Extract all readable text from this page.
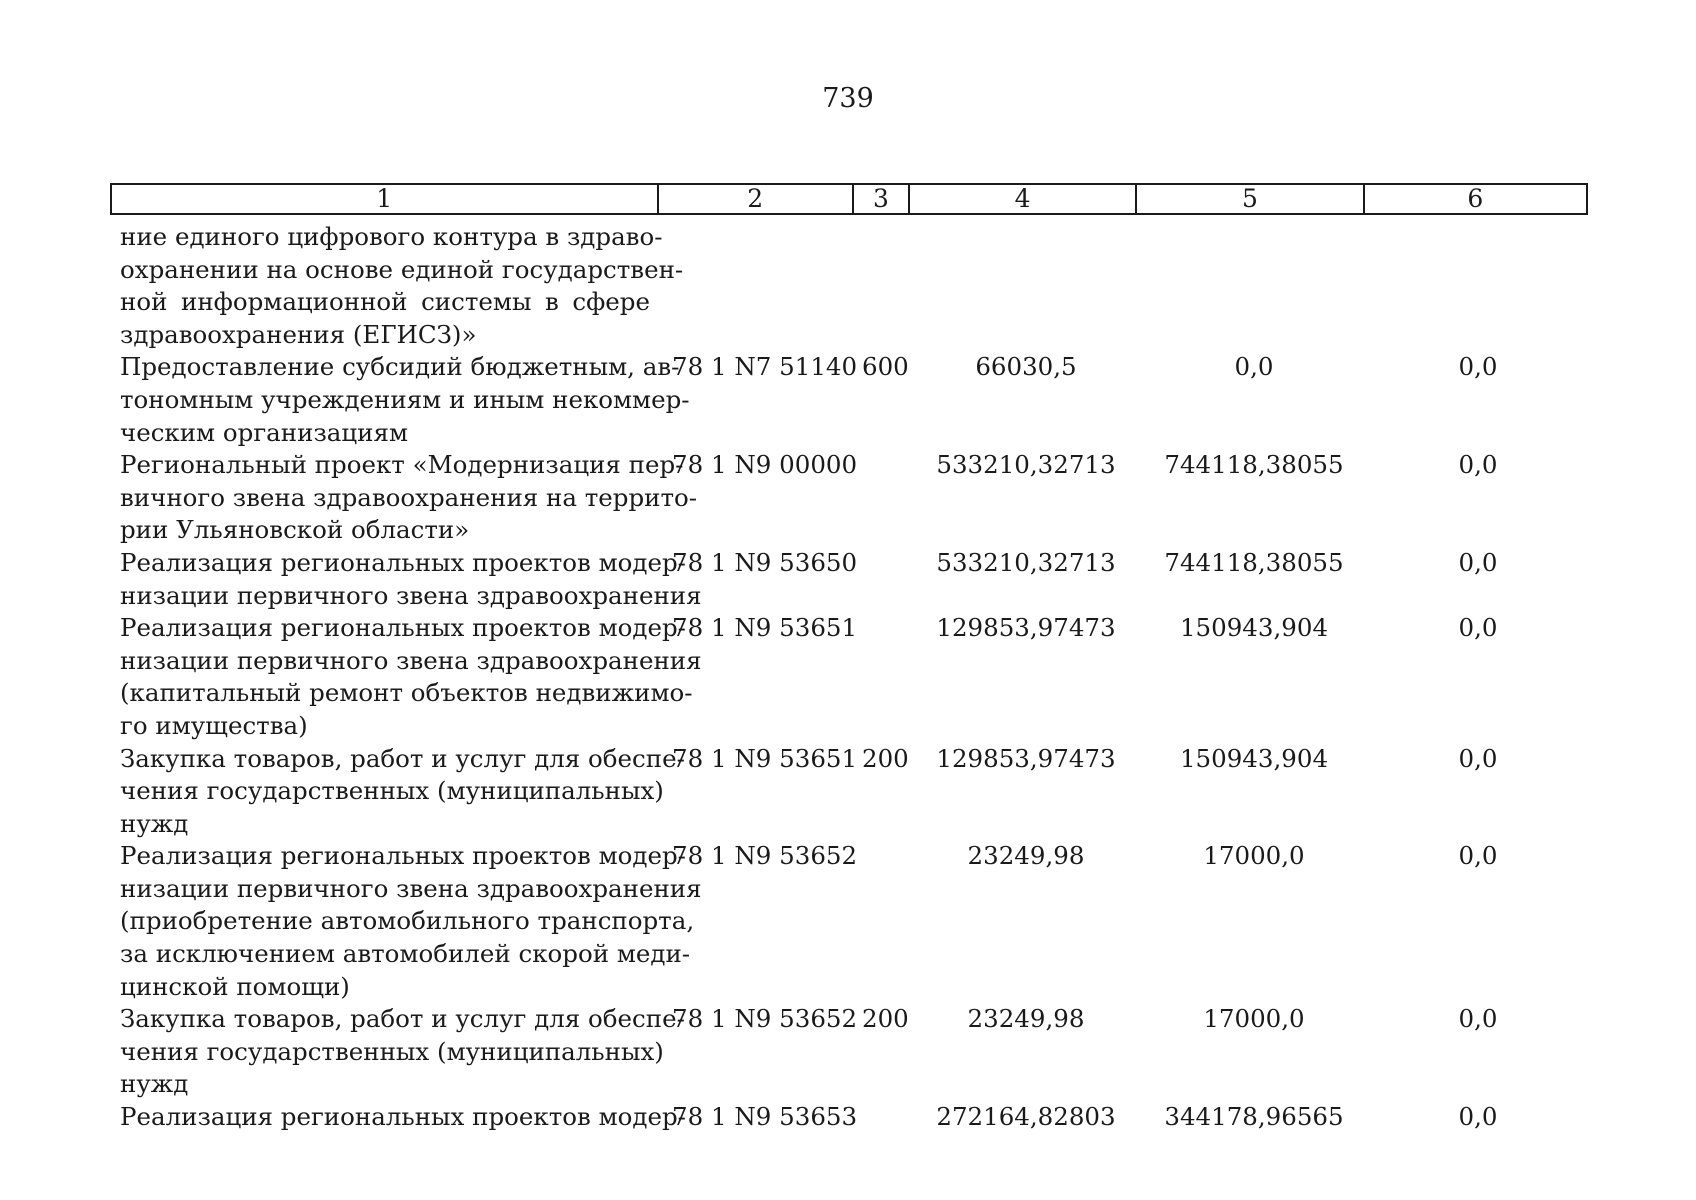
739
1	2	3	4	5	6
ние единого цифрового контура в здраво-
охранении на основе единой государствен-
ной информационной системы в сфере
здравоохранения (ЕГИСЗ)»
Предоставление субсидий бюджетным, ав-
тономным учреждениям и иным некоммер-
ческим организациям
78 1 N7 51140 600	66030,5	0,0	0,0
Региональный проект «Модернизация пер-
вичного звена здравоохранения на террито-
рии Ульяновской области»
78 1 N9 00000	533210,32713	744118,38055	0,0
Реализация региональных проектов модер-
низации первичного звена здравоохранения
78 1 N9 53650	533210,32713	744118,38055	0,0
Реализация региональных проектов модер-
низации первичного звена здравоохранения
(капитальный ремонт объектов недвижимо-
го имущества)
78 1 N9 53651	129853,97473	150943,904	0,0
Закупка товаров, работ и услуг для обеспе-
чения государственных (муниципальных)
нужд
78 1 N9 53651 200	129853,97473	150943,904	0,0
Реализация региональных проектов модер-
низации первичного звена здравоохранения
(приобретение автомобильного транспорта,
за исключением автомобилей скорой меди-
цинской помощи)
78 1 N9 53652	23249,98	17000,0	0,0
Закупка товаров, работ и услуг для обеспе-
чения государственных (муниципальных)
нужд
78 1 N9 53652 200	23249,98	17000,0	0,0
Реализация региональных проектов модер-
78 1 N9 53653	272164,82803	344178,96565	0,0
